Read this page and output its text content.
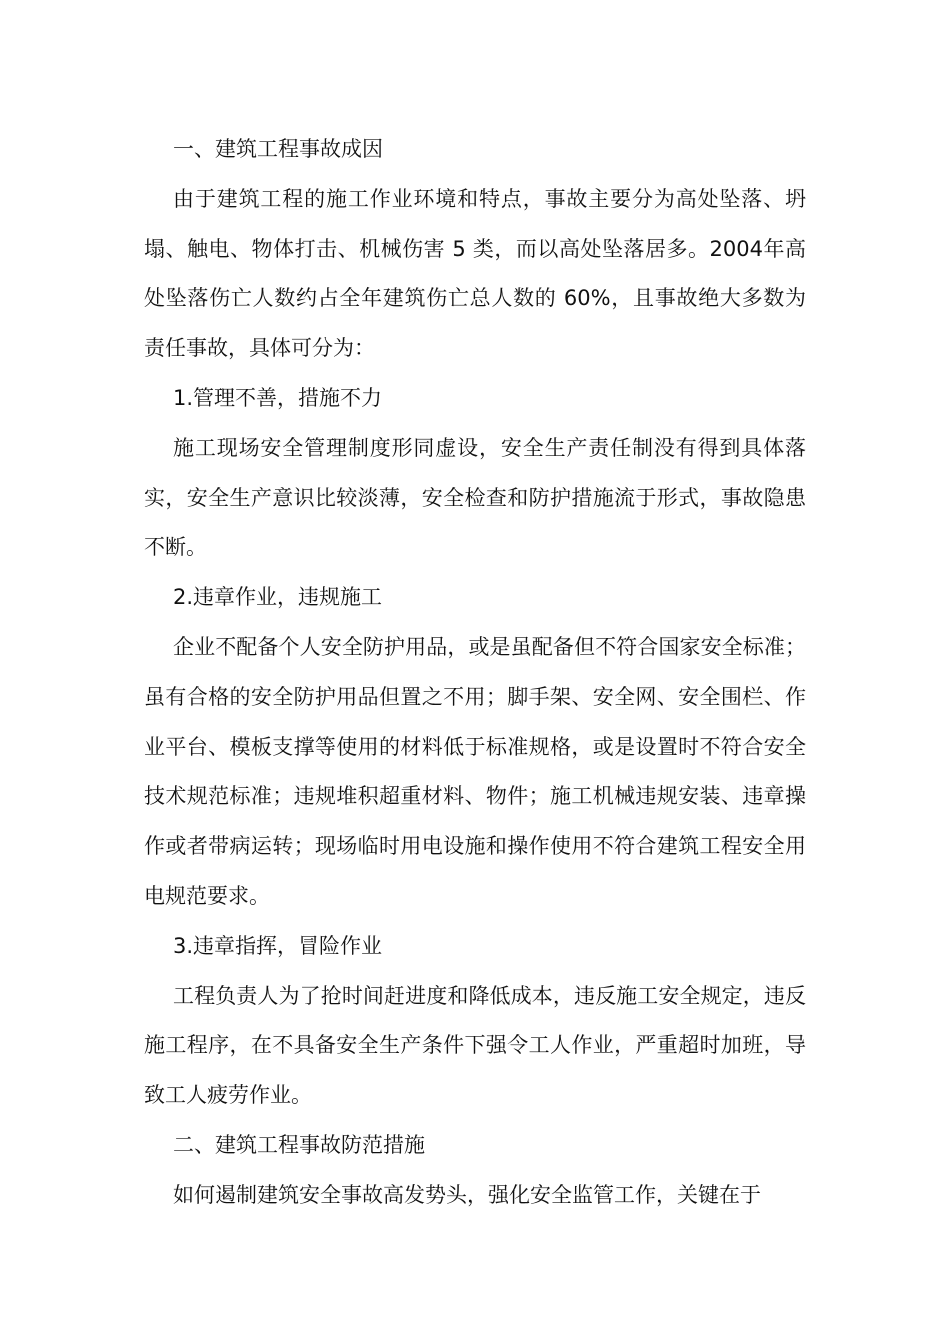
一、建筑工程事故成因

由于建筑工程的施工作业环境和特点，事故主要分为高处坠落、坍塌、触电、物体打击、机械伤害 5 类，而以高处坠落居多。2004年高处坠落伤亡人数约占全年建筑伤亡总人数的 60%，且事故绝大多数为责任事故，具体可分为：

1.管理不善，措施不力

施工现场安全管理制度形同虚设，安全生产责任制没有得到具体落实，安全生产意识比较淡薄，安全检查和防护措施流于形式，事故隐患不断。

2.违章作业，违规施工

企业不配备个人安全防护用品，或是虽配备但不符合国家安全标准；虽有合格的安全防护用品但置之不用；脚手架、安全网、安全围栏、作业平台、模板支撑等使用的材料低于标准规格，或是设置时不符合安全技术规范标准；违规堆积超重材料、物件；施工机械违规安装、违章操作或者带病运转；现场临时用电设施和操作使用不符合建筑工程安全用电规范要求。

3.违章指挥，冒险作业

工程负责人为了抢时间赶进度和降低成本，违反施工安全规定，违反施工程序，在不具备安全生产条件下强令工人作业，严重超时加班，导致工人疲劳作业。

二、建筑工程事故防范措施

如何遏制建筑安全事故高发势头，强化安全监管工作，关键在于
